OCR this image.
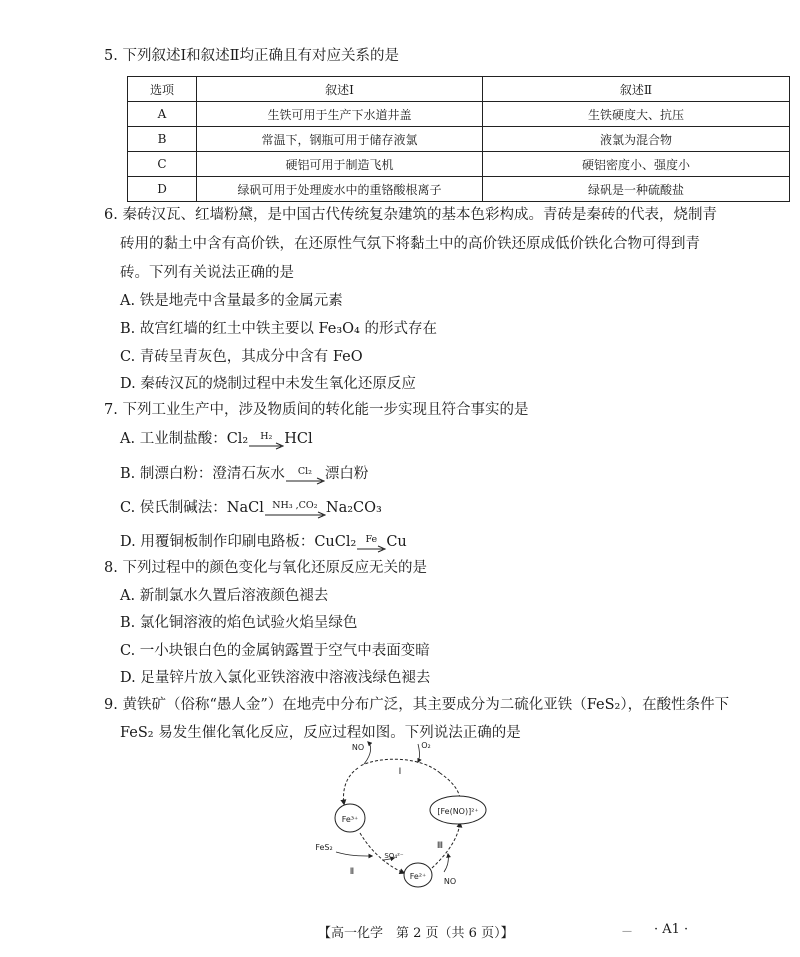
5. 下列叙述Ⅰ和叙述Ⅱ均正确且有对应关系的是
选项	叙述Ⅰ	叙述Ⅱ
A	生铁可用于生产下水道井盖	生铁硬度大、抗压
B	常温下，钢瓶可用于储存液氯	液氯为混合物
C	硬铝可用于制造飞机	硬铝密度小、强度小
D	绿矾可用于处理废水中的重铬酸根离子	绿矾是一种硫酸盐
6. 秦砖汉瓦、红墙粉黛，是中国古代传统复杂建筑的基本色彩构成。青砖是秦砖的代表，烧制青
砖用的黏土中含有高价铁，在还原性气氛下将黏土中的高价铁还原成低价铁化合物可得到青
砖。下列有关说法正确的是
A. 铁是地壳中含量最多的金属元素
B. 故宫红墙的红土中铁主要以 Fe₃O₄ 的形式存在
C. 青砖呈青灰色，其成分中含有 FeO
D. 秦砖汉瓦的烧制过程中未发生氧化还原反应
7. 下列工业生产中，涉及物质间的转化能一步实现且符合事实的是
A. 工业制盐酸：Cl₂	H₂ HCl
B. 制漂白粉：澄清石灰水	Cl₂ 漂白粉
C. 侯氏制碱法：NaCl NH₃ ,CO₂ Na₂CO₃
D. 用覆铜板制作印刷电路板：CuCl₂ Fe Cu
8. 下列过程中的颜色变化与氧化还原反应无关的是
A. 新制氯水久置后溶液颜色褪去
B. 氯化铜溶液的焰色试验火焰呈绿色
C. 一小块银白色的金属钠露置于空气中表面变暗
D. 足量锌片放入氯化亚铁溶液中溶液浅绿色褪去
9. 黄铁矿（俗称“愚人金”）在地壳中分布广泛，其主要成分为二硫化亚铁（FeS₂），在酸性条件下
FeS₂ 易发生催化氧化反应，反应过程如图。下列说法正确的是
Fe³⁺
[Fe(NO)]²⁺
Fe²⁺
NO	O₂
Ⅰ
FeS₂
SO₄²⁻
Ⅱ
Ⅲ
NO
【高一化学　第 2 页（共 6 页）】	— · A1 ·
